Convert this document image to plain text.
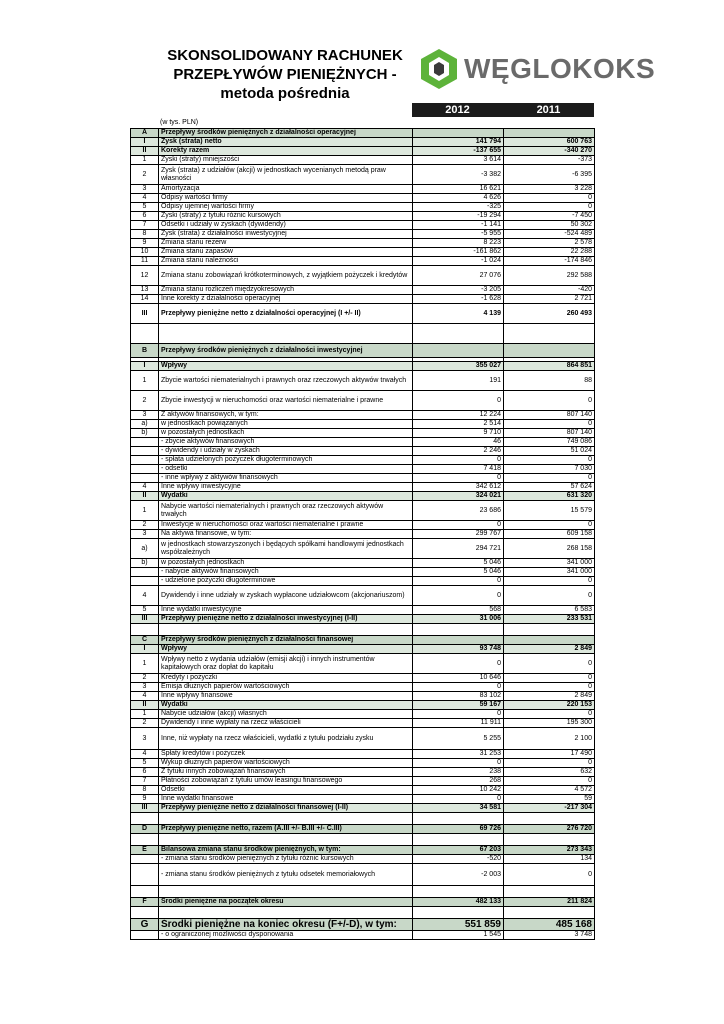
SKONSOLIDOWANY RACHUNEK
PRZEPŁYWÓW PIENIĘŻNYCH -
metoda pośrednia
WĘGLOKOKS
2012	2011
(w tys. PLN)
A	Przepływy środków pieniężnych z działalności operacyjnej		
I	Zysk (strata) netto	141 794	600 763
II	Korekty razem	-137 655	-340 270
1	Zyski (straty) mniejszości	3 614	-373
2	Zysk (strata) z udziałów (akcji) w jednostkach wycenianych metodą praw własności	-3 382	-6 395
3	Amortyzacja	16 621	3 228
4	Odpisy wartości firmy	4 626	0
5	Odpisy ujemnej wartości firmy	-325	0
6	Zyski (straty) z tytułu różnic kursowych	-19 294	-7 450
7	Odsetki i udziały w zyskach (dywidendy)	-1 141	50 302
8	Zysk (strata) z działalności inwestycyjnej	-5 955	-524 489
9	Zmiana stanu rezerw	8 223	2 578
10	Zmiana stanu zapasów	-161 862	22 288
11	Zmiana stanu należności	-1 024	-174 846
12	Zmiana stanu zobowiązań krótkoterminowych, z wyjątkiem pożyczek i kredytów	27 076	292 588
13	Zmiana stanu rozliczeń międzyokresowych	-3 205	-420
14	Inne korekty z działalności operacyjnej	-1 628	2 721
III	Przepływy pieniężne netto z działalności operacyjnej (I +/- II)	4 139	260 493

B	Przepływy środków pieniężnych z działalności inwestycyjnej		

I	Wpływy	355 027	864 851
1	Zbycie wartości niematerialnych i prawnych oraz rzeczowych aktywów trwałych	191	88
2	Zbycie inwestycji w nieruchomości oraz wartości niematerialne i prawne	0	0
3	Z aktywów finansowych, w tym:	12 224	807 140
a)	w jednostkach powiązanych	2 514	0
b)	w pozostałych jednostkach	9 710	807 140
	- zbycie aktywów finansowych	46	749 086
	- dywidendy i udziały w zyskach	2 246	51 024
	- spłata udzielonych pożyczek długoterminowych	0	0
	- odsetki	7 418	7 030
	- inne wpływy z aktywów finansowych	0	0
4	Inne wpływy inwestycyjne	342 612	57 624
II	Wydatki	324 021	631 320
1	Nabycie wartości niematerialnych i prawnych oraz rzeczowych aktywów trwałych	23 686	15 579
2	Inwestycje w nieruchomości oraz wartości niematerialne i prawne	0	0
3	Na aktywa finansowe, w tym:	299 767	609 158
a)	w jednostkach stowarzyszonych i będących spółkami handlowymi jednostkach współzależnych	294 721	268 158
b)	w pozostałych jednostkach	5 046	341 000
	- nabycie aktywów finansowych	5 046	341 000
	- udzielone pożyczki długoterminowe	0	0
4	Dywidendy i inne udziały w zyskach wypłacone udziałowcom (akcjonariuszom)	0	0
5	Inne wydatki inwestycyjne	568	6 583
III	Przepływy pieniężne netto z działalności inwestycyjnej (I-II)	31 006	233 531

C	Przepływy środków pieniężnych z działalności finansowej		
I	Wpływy	93 748	2 849
1	Wpływy netto z wydania udziałów (emisji akcji) i innych instrumentów kapitałowych oraz dopłat do kapitału	0	0
2	Kredyty i pożyczki	10 646	0
3	Emisja dłużnych papierów wartościowych	0	0
4	Inne wpływy finansowe	83 102	2 849
II	Wydatki	59 167	220 153
1	Nabycie udziałów (akcji) własnych	0	0
2	Dywidendy i inne wypłaty na rzecz właścicieli	11 911	195 300
3	Inne, niż wypłaty na rzecz właścicieli, wydatki z tytułu podziału zysku	5 255	2 100
4	Spłaty kredytów i pożyczek	31 253	17 490
5	Wykup dłużnych papierów wartościowych	0	0
6	Z tytułu innych zobowiązań finansowych	238	632
7	Płatności zobowiązań z tytułu umów leasingu finansowego	268	0
8	Odsetki	10 242	4 572
9	Inne wydatki finansowe	0	59
III	Przepływy pieniężne netto z działalności finansowej (I-II)	34 581	-217 304

D	Przepływy pieniężne netto, razem (A.III +/- B.III +/- C.III)	69 726	276 720

E	Bilansowa zmiana stanu środków pieniężnych, w tym:	67 203	273 343
	- zmiana stanu środków pieniężnych z tytułu różnic kursowych	-520	134
	- zmiana stanu środków pieniężnych z tytułu odsetek memoriałowych	-2 003	0

F	Środki pieniężne na początek okresu	482 133	211 824

G	Środki pieniężne na koniec okresu (F+/-D), w tym:	551 859	485 168
	- o ograniczonej możliwości dysponowania	1 545	3 748
